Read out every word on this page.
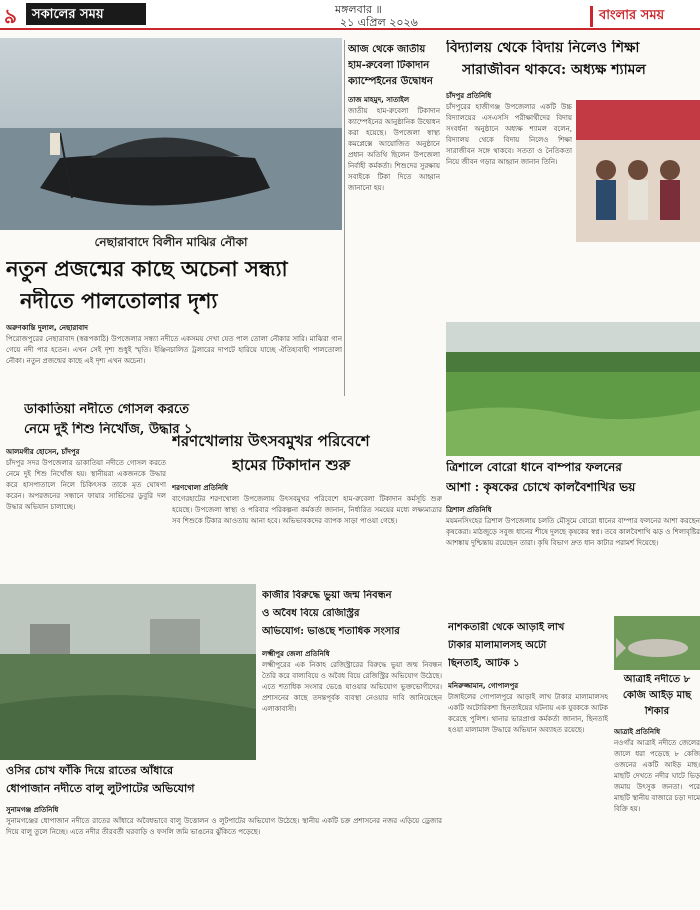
৯	সকালের সময়	মঙ্গলবার ॥
২১ এপ্রিল ২০২৬	বাংলার সময়
নেছারাবাদে বিলীন মাঝির নৌকা
নতুন প্রজন্মের কাছে অচেনা সন্ধ্যা
নদীতে পালতোলার দৃশ্য
অরুণকান্তি দুলাল, নেছারাবাদ
পিরোজপুরের নেছারাবাদ (স্বরূপকাঠি) উপজেলার সন্ধ্যা নদীতে একসময় দেখা যেত পাল তোলা নৌকার সারি। মাঝিরা গান গেয়ে নদী পার হতেন। এখন সেই দৃশ্য শুধুই স্মৃতি। ইঞ্জিনচালিত ট্রলারের দাপটে হারিয়ে যাচ্ছে ঐতিহ্যবাহী পালতোলা নৌকা। নতুন প্রজন্মের কাছে এই দৃশ্য এখন অচেনা।
আজ থেকে জাতীয়
হাম-রুবেলা টিকাদান
ক্যাম্পেইনের উদ্বোধন
তাজ মাহমুদ, সাতাইল
জাতীয় হাম-রুবেলা টিকাদান ক্যাম্পেইনের আনুষ্ঠানিক উদ্বোধন করা হয়েছে। উপজেলা স্বাস্থ্য কমপ্লেক্সে আয়োজিত অনুষ্ঠানে প্রধান অতিথি ছিলেন উপজেলা নির্বাহী কর্মকর্তা। শিশুদের সুরক্ষায় সবাইকে টিকা দিতে আহ্বান জানানো হয়।
বিদ্যালয় থেকে বিদায় নিলেও শিক্ষা
সারাজীবন থাকবে: অধ্যক্ষ শ্যামল
চাঁদপুর প্রতিনিধি
চাঁদপুরের হাজীগঞ্জ উপজেলার একটি উচ্চ বিদ্যালয়ের এসএসসি পরীক্ষার্থীদের বিদায় সংবর্ধনা অনুষ্ঠানে অধ্যক্ষ শ্যামল বলেন, বিদ্যালয় থেকে বিদায় নিলেও শিক্ষা সারাজীবন সঙ্গে থাকবে। সততা ও নৈতিকতা নিয়ে জীবন গড়ার আহ্বান জানান তিনি।
ডাকাতিয়া নদীতে গোসল করতে
নেমে দুই শিশু নিখোঁজ, উদ্ধার ১
আলমগীর হোসেন, চাঁদপুর
চাঁদপুর সদর উপজেলার ডাকাতিয়া নদীতে গোসল করতে নেমে দুই শিশু নিখোঁজ হয়। স্থানীয়রা একজনকে উদ্ধার করে হাসপাতালে নিলে চিকিৎসক তাকে মৃত ঘোষণা করেন। অপরজনের সন্ধানে ফায়ার সার্ভিসের ডুবুরি দল উদ্ধার অভিযান চালাচ্ছে।
শরণখোলায় উৎসবমুখর পরিবেশে
হামের টিকাদান শুরু
শরণখোলা প্রতিনিধি
বাগেরহাটের শরণখোলা উপজেলায় উৎসবমুখর পরিবেশে হাম-রুবেলা টিকাদান কর্মসূচি শুরু হয়েছে। উপজেলা স্বাস্থ্য ও পরিবার পরিকল্পনা কর্মকর্তা জানান, নির্ধারিত সময়ের মধ্যে লক্ষ্যমাত্রার সব শিশুকে টিকার আওতায় আনা হবে। অভিভাবকদের ব্যাপক সাড়া পাওয়া গেছে।
ত্রিশালে বোরো ধানে বাম্পার ফলনের
আশা : কৃষকের চোখে কালবৈশাখির ভয়
ত্রিশাল প্রতিনিধি
ময়মনসিংহের ত্রিশাল উপজেলায় চলতি মৌসুমে বোরো ধানের বাম্পার ফলনের আশা করছেন কৃষকেরা। মাঠজুড়ে সবুজ ধানের শীষে দুলছে কৃষকের স্বপ্ন। তবে কালবৈশাখি ঝড় ও শিলাবৃষ্টির আশঙ্কায় দুশ্চিন্তায় রয়েছেন তারা। কৃষি বিভাগ দ্রুত ধান কাটার পরামর্শ দিয়েছে।
কাজীর বিরুদ্ধে ভুয়া জন্ম নিবন্ধন
ও অবৈধ বিয়ে রেজিস্ট্রির
অভিযোগ: ভাঙছে শতাধিক সংসার
লক্ষ্মীপুর জেলা প্রতিনিধি
লক্ষ্মীপুরের এক নিকাহ রেজিস্ট্রারের বিরুদ্ধে ভুয়া জন্ম নিবন্ধন তৈরি করে বাল্যবিয়ে ও অবৈধ বিয়ে রেজিস্ট্রির অভিযোগ উঠেছে। এতে শতাধিক সংসার ভেঙে যাওয়ার অভিযোগ ভুক্তভোগীদের। প্রশাসনের কাছে তদন্তপূর্বক ব্যবস্থা নেওয়ার দাবি জানিয়েছেন এলাকাবাসী।
ওসির চোখ ফাঁকি দিয়ে রাতের আঁধারে
ধোপাজান নদীতে বালু লুটপাটের অভিযোগ
সুনামগঞ্জ প্রতিনিধি
সুনামগঞ্জের ধোপাজান নদীতে রাতের আঁধারে অবৈধভাবে বালু উত্তোলন ও লুটপাটের অভিযোগ উঠেছে। স্থানীয় একটি চক্র প্রশাসনের নজর এড়িয়ে ড্রেজার দিয়ে বালু তুলে নিচ্ছে। এতে নদীর তীরবর্তী ঘরবাড়ি ও ফসলি জমি ভাঙনের ঝুঁকিতে পড়েছে।
নাশকতারী থেকে আড়াই লাখ
টাকার মালামালসহ অটো
ছিনতাই, আটক ১
মনিরুজ্জামান, গোপালপুর
টাঙ্গাইলের গোপালপুরে আড়াই লাখ টাকার মালামালসহ একটি অটোরিকশা ছিনতাইয়ের ঘটনায় এক যুবককে আটক করেছে পুলিশ। থানার ভারপ্রাপ্ত কর্মকর্তা জানান, ছিনতাই হওয়া মালামাল উদ্ধারে অভিযান অব্যাহত রয়েছে।
আত্রাই নদীতে ৮
কেজি আইড় মাছ
শিকার
আত্রাই প্রতিনিধি
নওগাঁর আত্রাই নদীতে জেলের জালে ধরা পড়েছে ৮ কেজি ওজনের একটি আইড় মাছ। মাছটি দেখতে নদীর ঘাটে ভিড় জমায় উৎসুক জনতা। পরে মাছটি স্থানীয় বাজারে চড়া দামে বিক্রি হয়।
